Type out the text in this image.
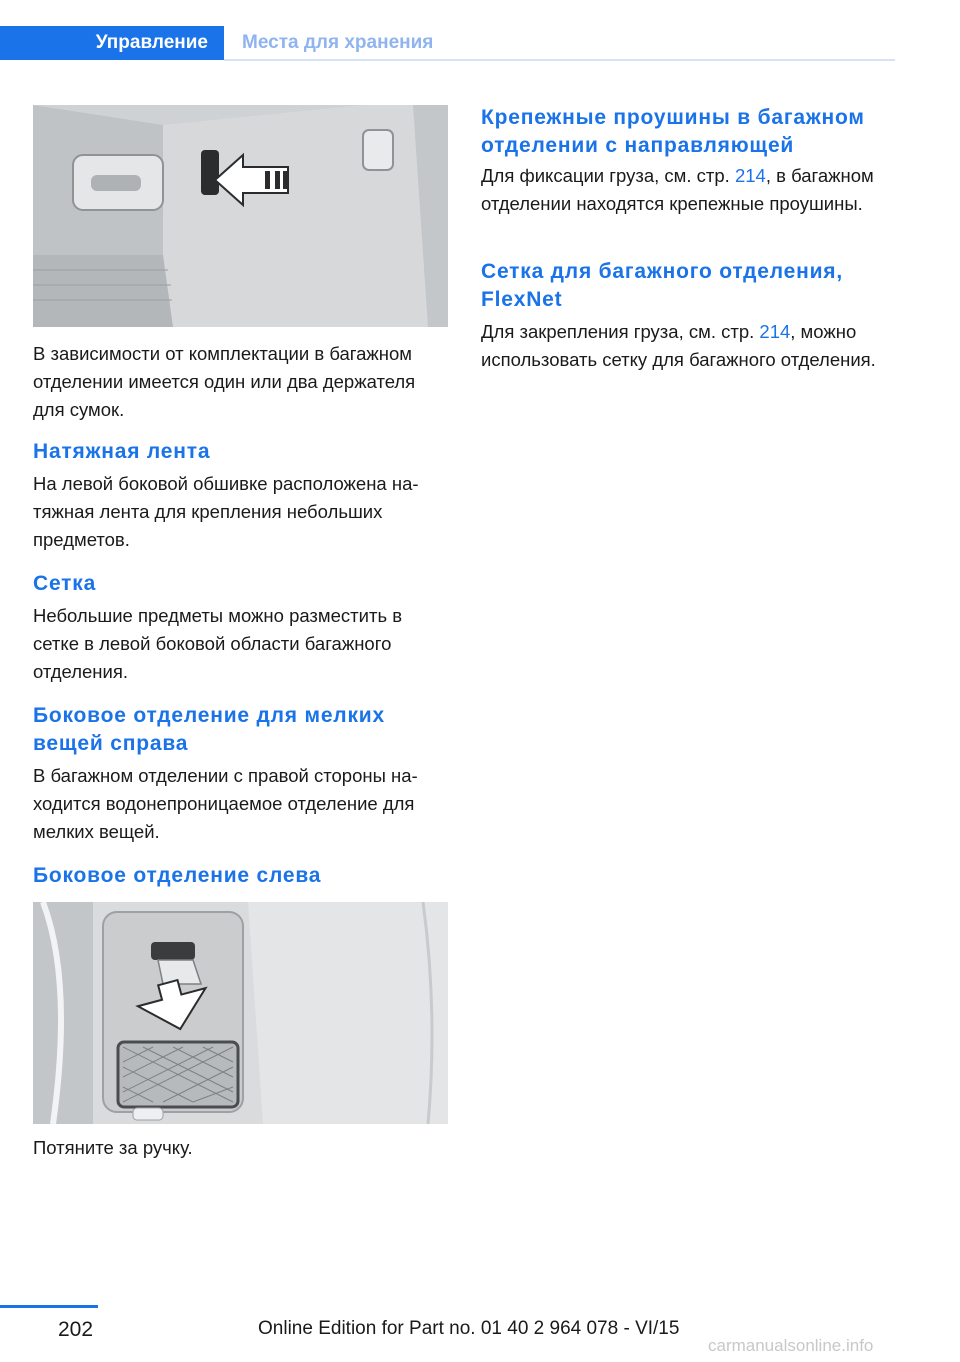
Управление	Места для хранения
В зависимости от комплектации в багажном отделении имеется один или два держателя для сумок.
Натяжная лента
На левой боковой обшивке расположена натяжная лента для крепления небольших предметов.
Сетка
Небольшие предметы можно разместить в сетке в левой боковой области багажного отделения.
Боковое отделение для мелких вещей справа
В багажном отделении с правой стороны находится водонепроницаемое отделение для мелких вещей.
Боковое отделение слева
Потяните за ручку.
Крепежные проушины в багажном отделении с направляющей
Для фиксации груза, см. стр. 214, в багажном отделении находятся крепежные проушины.
Сетка для багажного отделения, FlexNet
Для закрепления груза, см. стр. 214, можно использовать сетку для багажного отделения.
202	Online Edition for Part no. 01 40 2 964 078 - VI/15
carmanualsonline.info
